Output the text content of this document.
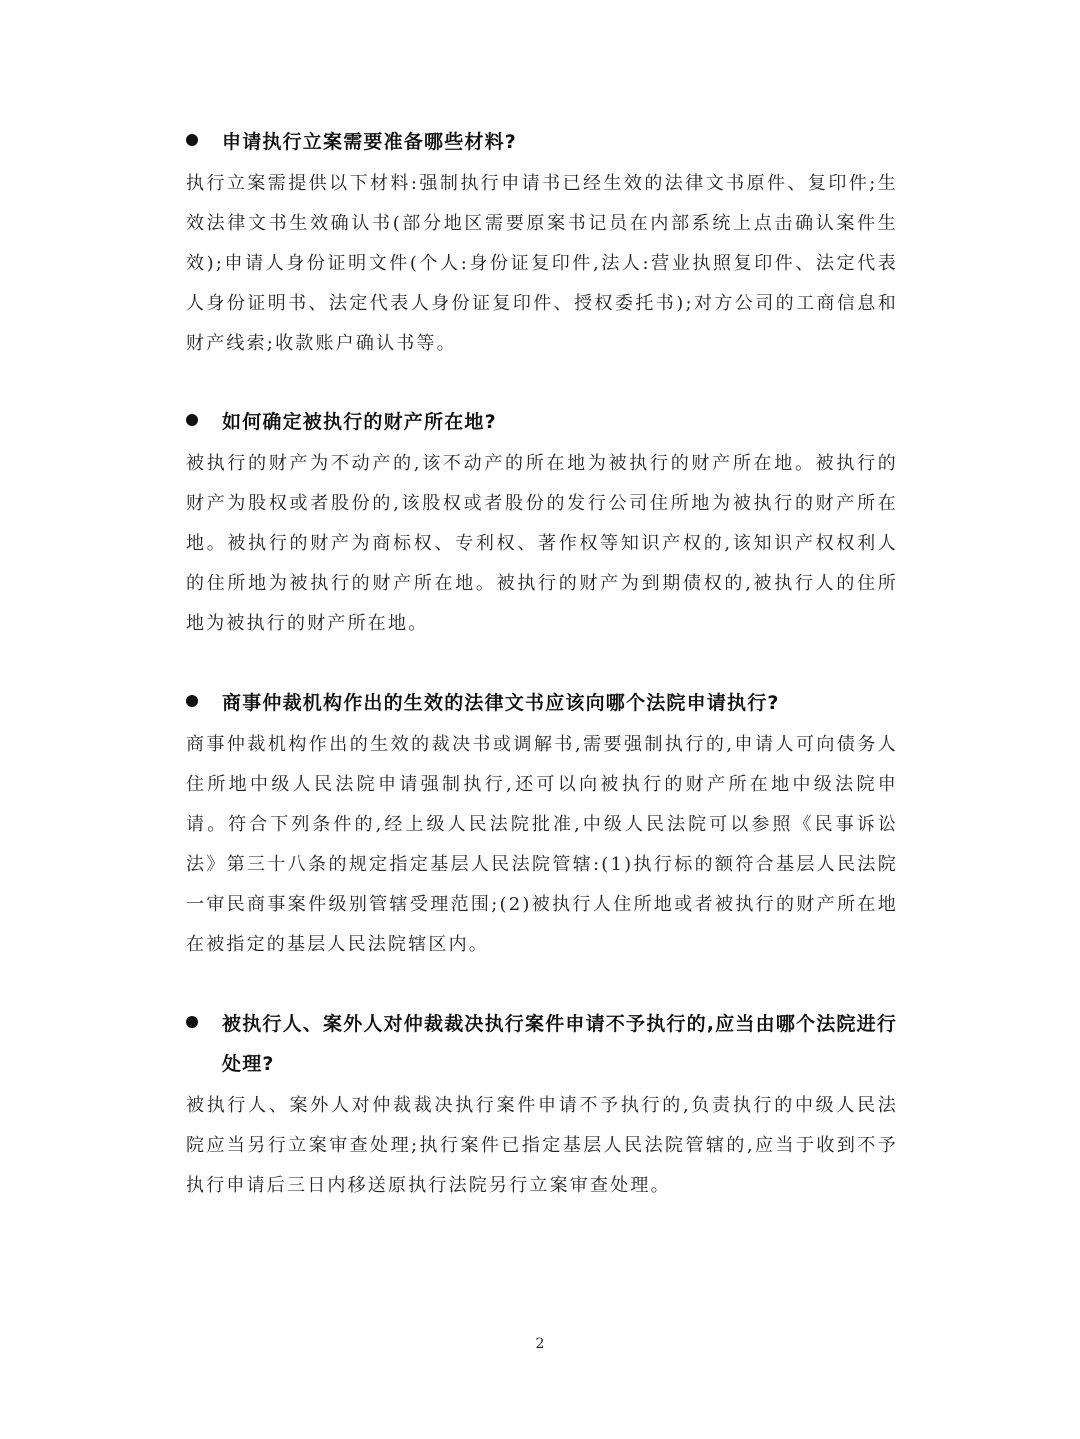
申请执行立案需要准备哪些材料?
执行立案需提供以下材料:强制执行申请书已经生效的法律文书原件、复印件;生效法律文书生效确认书(部分地区需要原案书记员在内部系统上点击确认案件生效);申请人身份证明文件(个人:身份证复印件,法人:营业执照复印件、法定代表人身份证明书、法定代表人身份证复印件、授权委托书);对方公司的工商信息和财产线索;收款账户确认书等。
如何确定被执行的财产所在地?
被执行的财产为不动产的,该不动产的所在地为被执行的财产所在地。被执行的财产为股权或者股份的,该股权或者股份的发行公司住所地为被执行的财产所在地。被执行的财产为商标权、专利权、著作权等知识产权的,该知识产权权利人的住所地为被执行的财产所在地。被执行的财产为到期债权的,被执行人的住所地为被执行的财产所在地。
商事仲裁机构作出的生效的法律文书应该向哪个法院申请执行?
商事仲裁机构作出的生效的裁决书或调解书,需要强制执行的,申请人可向债务人住所地中级人民法院申请强制执行,还可以向被执行的财产所在地中级法院申请。符合下列条件的,经上级人民法院批准,中级人民法院可以参照《民事诉讼法》第三十八条的规定指定基层人民法院管辖:(1)执行标的额符合基层人民法院一审民商事案件级别管辖受理范围;(2)被执行人住所地或者被执行的财产所在地在被指定的基层人民法院辖区内。
被执行人、案外人对仲裁裁决执行案件申请不予执行的,应当由哪个法院进行处理?
被执行人、案外人对仲裁裁决执行案件申请不予执行的,负责执行的中级人民法院应当另行立案审查处理;执行案件已指定基层人民法院管辖的,应当于收到不予执行申请后三日内移送原执行法院另行立案审查处理。
2
